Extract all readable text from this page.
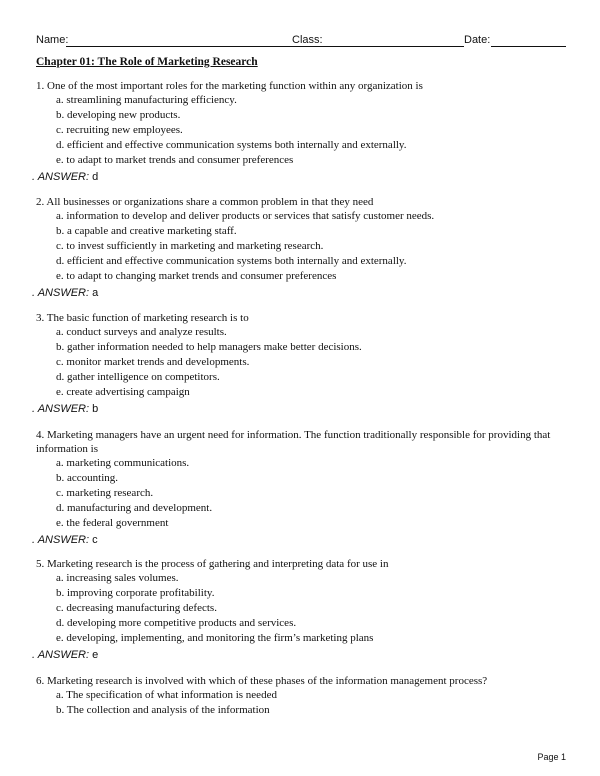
Name:	Class:	Date:
Chapter 01: The Role of Marketing Research

1. One of the most important roles for the marketing function within any organization is

a. streamlining manufacturing efficiency.

b. developing new products.

c. recruiting new employees.

d. efficient and effective communication systems both internally and externally.

e. to adapt to market trends and consumer preferences

. ANSWER: d

2. All businesses or organizations share a common problem in that they need

a. information to develop and deliver products or services that satisfy customer needs.

b. a capable and creative marketing staff.

c. to invest sufficiently in marketing and marketing research.

d. efficient and effective communication systems both internally and externally.

e. to adapt to changing market trends and consumer preferences

. ANSWER: a

3. The basic function of marketing research is to

a. conduct surveys and analyze results.

b. gather information needed to help managers make better decisions.

c. monitor market trends and developments.

d. gather intelligence on competitors.

e. create advertising campaign

. ANSWER: b

4. Marketing managers have an urgent need for information. The function traditionally responsible for providing that information is

a. marketing communications.

b. accounting.

c. marketing research.

d. manufacturing and development.

e. the federal government

. ANSWER: c

5. Marketing research is the process of gathering and interpreting data for use in

a. increasing sales volumes.

b. improving corporate profitability.

c. decreasing manufacturing defects.

d. developing more competitive products and services.

e. developing, implementing, and monitoring the firm’s marketing plans

. ANSWER: e

6. Marketing research is involved with which of these phases of the information management process?

a. The specification of what information is needed

b. The collection and analysis of the information

Page 1
